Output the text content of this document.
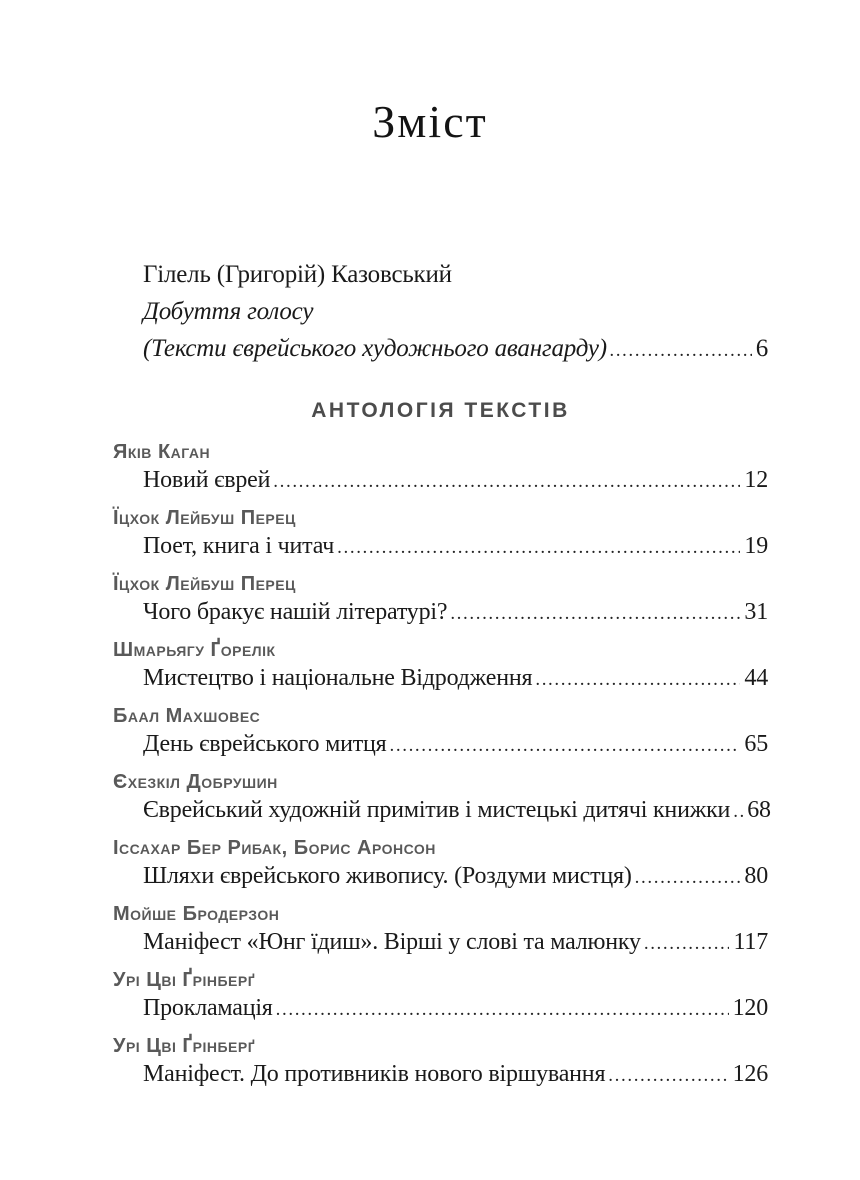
Зміст
Гілель (Григорій) Казовський
Добуття голосу
(Тексти єврейського художнього авангарду) .....	6
АНТОЛОГІЯ ТЕКСТІВ
Яків Каган
Новий єврей .....	12
Їцхок Лейбуш Перец
Поет, книга і читач .....	19
Їцхок Лейбуш Перец
Чого бракує нашій літературі? .....	31
Шмарьягу Ґорелік
Мистецтво і національне Відродження .....	44
Баал Махшовес
День єврейського митця .....	65
Єхезкіл Добрушин
Єврейський художній примітив і мистецькі дитячі книжки ..... 68
Іссахар Бер Рибак, Борис Аронсон
Шляхи єврейського живопису. (Роздуми мистця) .....	80
Мойше Бродерзон
Маніфест «Юнг їдиш». Вірші у слові та малюнку .....	117
Урі Цві Ґрінберґ
Прокламація .....	120
Урі Цві Ґрінберґ
Маніфест. До противників нового віршування .....	126
